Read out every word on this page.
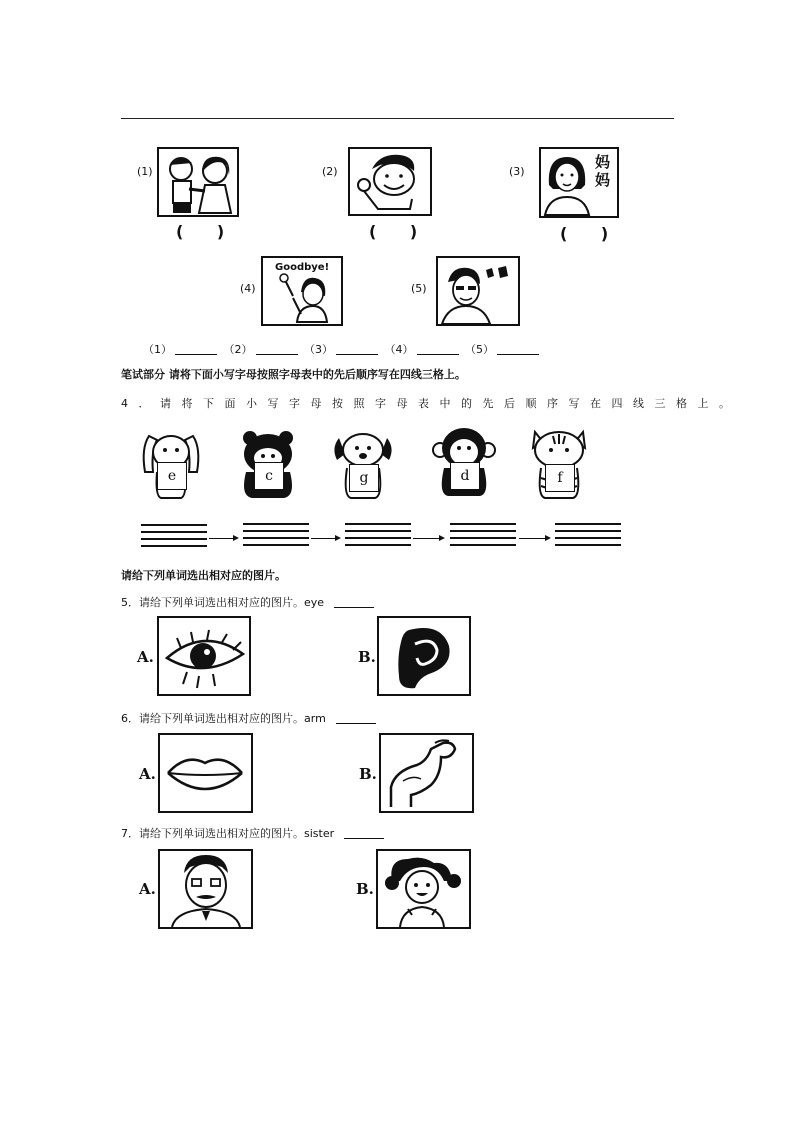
(1)
( )
(2)
( )
(3)
妈妈
( )
(4)
Goodbye!
(5)
（1）	（2）	（3）	（4）	（5）
笔试部分 请将下面小写字母按照字母表中的先后顺序写在四线三格上。
4．请将下面小写字母按照字母表中的先后顺序写在四线三格上。
e	c	g	d	f
请给下列单词选出相对应的图片。
5．请给下列单词选出相对应的图片。eye
A.	B.
6．请给下列单词选出相对应的图片。arm
A.	B.
7．请给下列单词选出相对应的图片。sister
A.	B.
